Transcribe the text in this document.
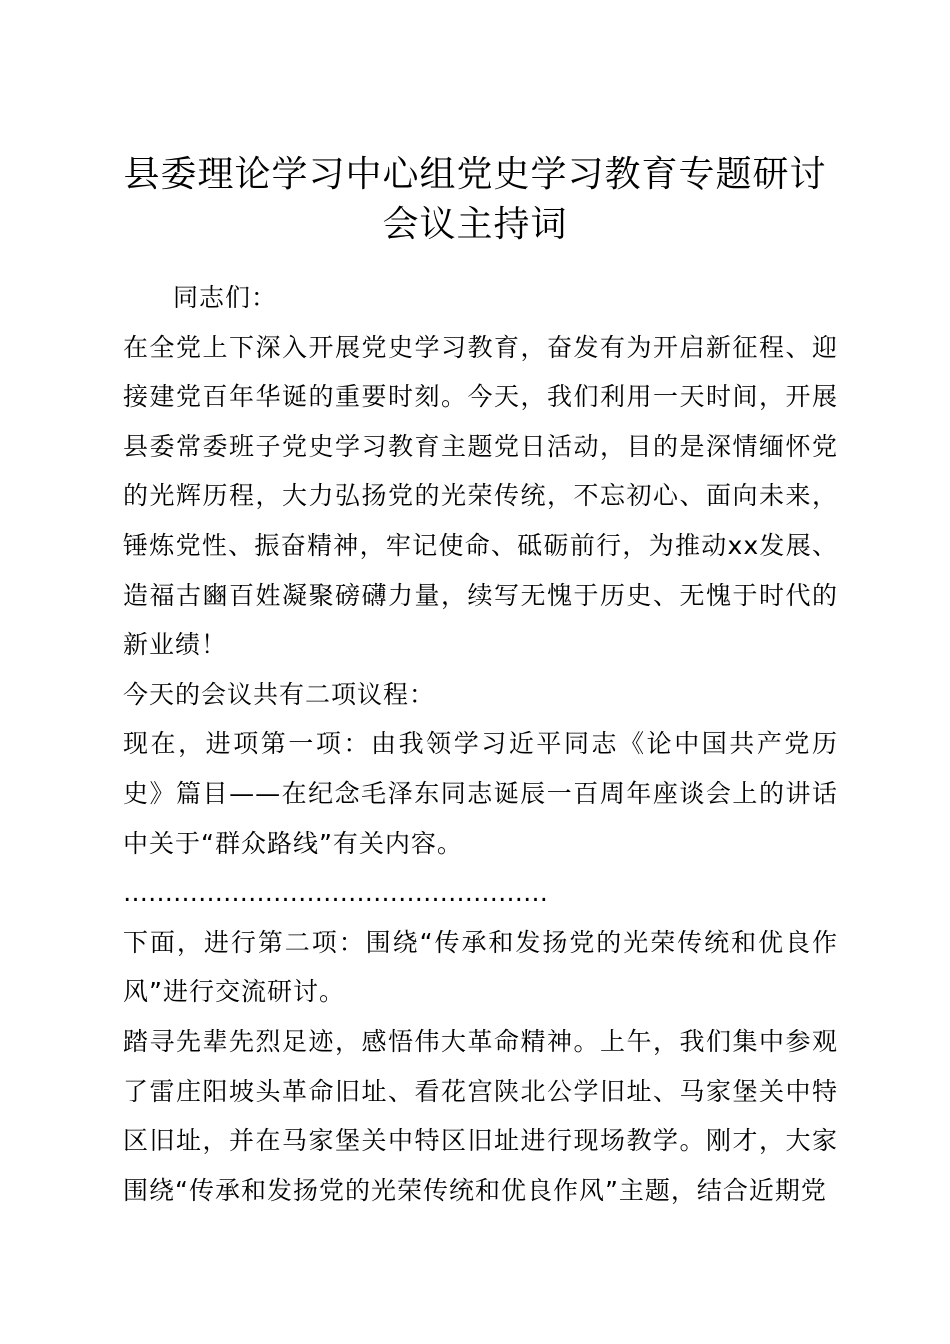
县委理论学习中心组党史学习教育专题研讨会议主持词

同志们：

在全党上下深入开展党史学习教育，奋发有为开启新征程、迎接建党百年华诞的重要时刻。今天，我们利用一天时间，开展县委常委班子党史学习教育主题党日活动，目的是深情缅怀党的光辉历程，大力弘扬党的光荣传统，不忘初心、面向未来，锤炼党性、振奋精神，牢记使命、砥砺前行，为推动xx发展、造福古豳百姓凝聚磅礴力量，续写无愧于历史、无愧于时代的新业绩！

今天的会议共有二项议程：

现在，进项第一项：由我领学习近平同志《论中国共产党历史》篇目——在纪念毛泽东同志诞辰一百周年座谈会上的讲话中关于“群众路线”有关内容。

……………………………………………

下面，进行第二项：围绕“传承和发扬党的光荣传统和优良作风”进行交流研讨。

踏寻先辈先烈足迹，感悟伟大革命精神。上午，我们集中参观了雷庄阳坡头革命旧址、看花宫陕北公学旧址、马家堡关中特区旧址，并在马家堡关中特区旧址进行现场教学。刚才，大家围绕“传承和发扬党的光荣传统和优良作风”主题，结合近期党
